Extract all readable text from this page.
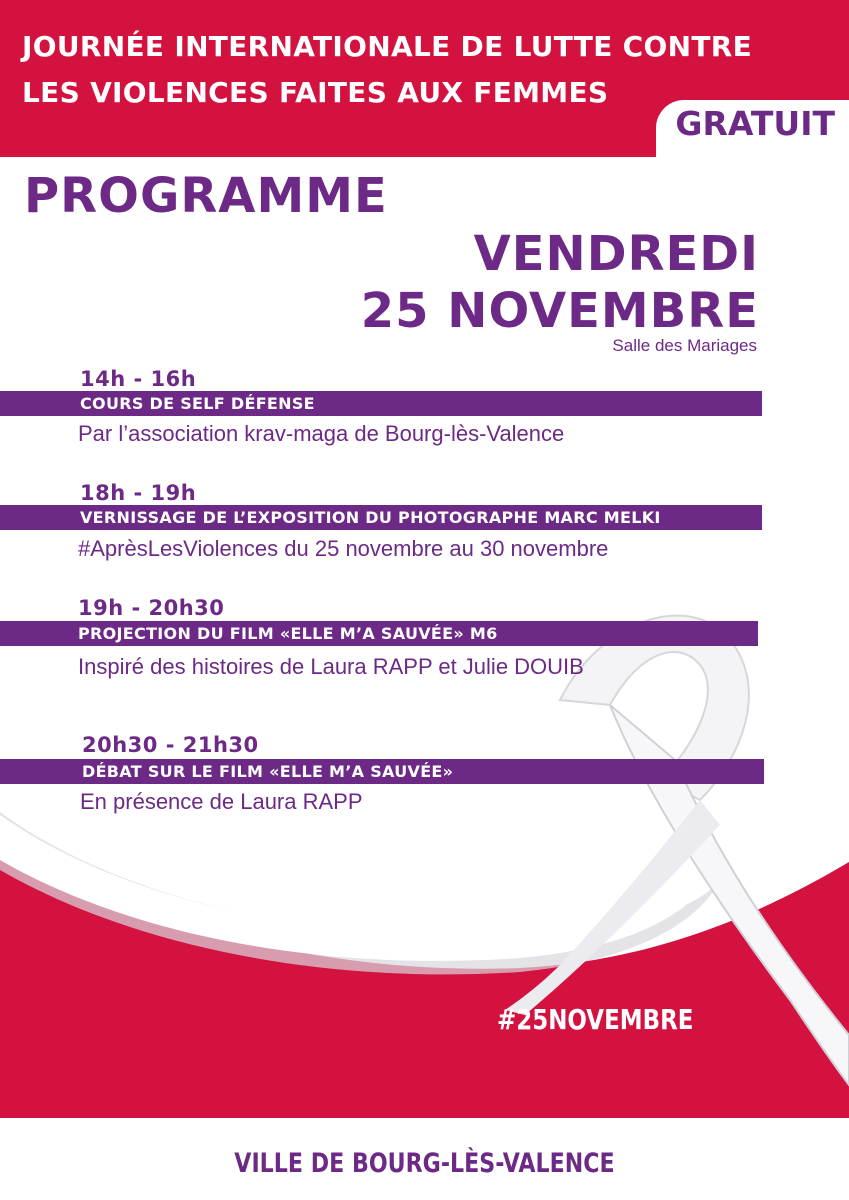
JOURNÉE INTERNATIONALE DE LUTTE CONTRE
LES VIOLENCES FAITES AUX FEMMES
GRATUIT
PROGRAMME
VENDREDI
25 NOVEMBRE
Salle des Mariages
14h - 16h
COURS DE SELF DÉFENSE
Par l’association krav-maga de Bourg-lès-Valence
18h - 19h
VERNISSAGE DE L’EXPOSITION DU PHOTOGRAPHE MARC MELKI
#AprèsLesViolences du 25 novembre au 30 novembre
19h - 20h30
PROJECTION DU FILM «ELLE M’A SAUVÉE» M6
Inspiré des histoires de Laura RAPP et Julie DOUIB
20h30 - 21h30
DÉBAT SUR LE FILM «ELLE M’A SAUVÉE»
En présence de Laura RAPP
#25NOVEMBRE
VILLE DE BOURG-LÈS-VALENCE
